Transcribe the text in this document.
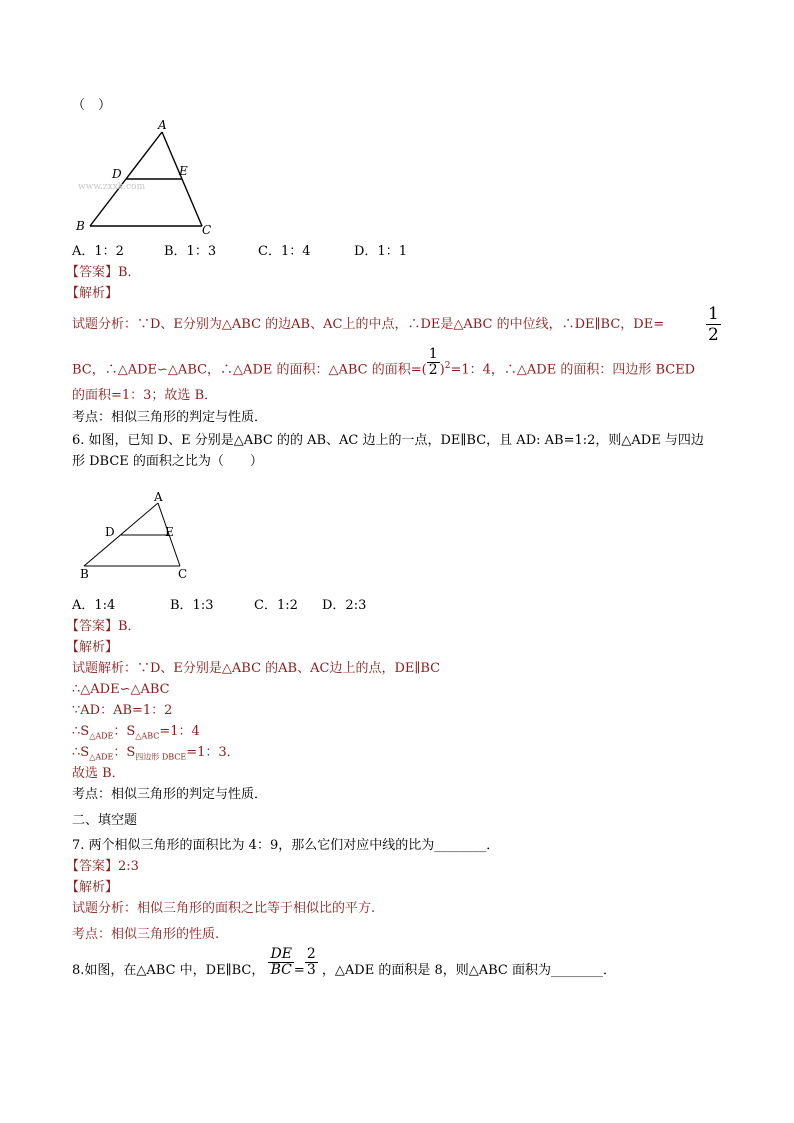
（　）
www.zxxk.com
A
D	E
B	C
A．1：2	B．1：3	C．1：4	D．1：1
【答案】B．
【解析】
试题分析：∵D、E分别为△ABC 的边AB、AC上的中点，∴DE是△ABC 的中位线，∴DE∥BC，$DE= \frac{1}{2}$
BC，∴△ADE∽△ABC，∴△ADE 的面积：△ABC 的面积=( $\frac{1}{2} )^2=1$：4，∴△ADE 的面积：四边形 BCED
的面积=1：3；故选 B．
考点：相似三角形的判定与性质．
6. 如图，已知 D、E 分别是△ABC 的的 AB、AC 边上的一点，DE∥BC，且 AD: AB=1:2，则△ADE 与四边
形 DBCE 的面积之比为（　　）
A
D	E
B	C
A．1:4	B．1:3	C．1:2 D．2:3
【答案】B．
【解析】
试题解析：∵D、E分别是△ABC 的AB、AC边上的点，DE∥BC
∴△ADE∽△ABC
∵AD：AB=1：2
$\therefore S_{\triangle ADE}$：$S_{\triangle ABC}=1$：4
$\therefore S_{\triangle ADE}$：$S_{四边形 DBCE}=1$：3．
故选 B．
考点：相似三角形的判定与性质．
二、填空题
7. 两个相似三角形的面积比为 4：9，那么它们对应中线的比为________．
【答案】2:3
【解析】
试题分析：相似三角形的面积之比等于相似比的平方.
考点：相似三角形的性质.
8.如图，在△ABC 中，DE∥BC， $\frac{DE}{BC} = \frac{2}{3}$ ，△ADE 的面积是 8，则△ABC 面积为________．
